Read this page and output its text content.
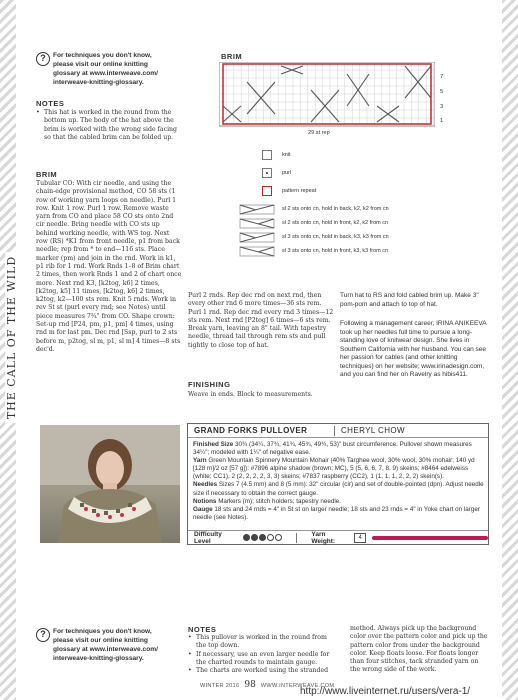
THE CALL OF THE WILD
?	For techniques you don't know,
please visit our online knitting
glossary at www.interweave.com/
interweave-knitting-glossary.
NOTES
• This hat is worked in the round from the bottom up. The body of the hat above the brim is worked with the wrong side facing so that the cabled brim can be folded up.
BRIM
Tubular CO: With cir needle, and using the chain-edge provisional method, CO 58 sts (1 row of working yarn loops on needle). Purl 1 row. Knit 1 row. Purl 1 row. Remove waste yarn from CO and place 58 CO sts onto 2nd cir needle. Bring needle with CO sts up behind working needle, with WS tog. Next row (RS) *K1 from front needle, p1 from back needle; rep from * to end—116 sts. Place marker (pm) and join in the rnd. Work in k1, p1 rib for 1 rnd. Work Rnds 1–8 of Brim chart 2 times, then work Rnds 1 and 2 of chart once more. Next rnd K3, [k2tog, k6] 2 times, [k2tog, k5] 11 times, [k2tog, k6] 2 times, k2tog, k2—100 sts rem. Knit 5 rnds. Work in rev St st (purl every rnd; see Notes) until piece measures 7¾" from CO. Shape crown: Set-up rnd [P24, pm, p1, pm] 4 times, using rnd m for last pm. Dec rnd [Ssp, purl to 2 sts before m, p2tog, sl m, p1, sl m] 4 times—8 sts dec'd.
Purl 2 rnds. Rep dec rnd on next rnd, then every other rnd 6 more times—36 sts rem. Purl 1 rnd. Rep dec rnd every rnd 3 times—12 sts rem. Next rnd [P2tog] 6 times—6 sts rem. Break yarn, leaving an 8" tail. With tapestry needle, thread tail through rem sts and pull tightly to close top of hat.
FINISHING
Weave in ends. Block to measurements.
Turn hat to RS and fold cabled brim up. Make 3" pom-pom and attach to top of hat.
Following a management career, IRINA ANIKEEVA took up her needles full time to pursue a long-standing love of knitwear design. She lives in Southern California with her husband. You can see her passion for cables (and other knitting techniques) on her website; www.irinadesign.com, and you can find her on Ravelry as hibis411.
BRIM
7
5
3
1
29 st rep
knit
purl
pattern repeat
sl 2 sts onto cn, hold in back, k2, k2 from cn
sl 2 sts onto cn, hold in front, k2, k2 from cn
sl 3 sts onto cn, hold in back, k3, k3 from cn
sl 3 sts onto cn, hold in front, k3, k3 from cn
GRAND FORKS PULLOVER	CHERYL CHOW
Finished Size 30¾ (34¼, 37¾, 41¾, 45¾, 49¾, 53)" bust circumference. Pullover shown measures 34¼"; modeled with 1¼" of negative ease.
Yarn Green Mountain Spinnery Mountain Mohair (40% Targhee wool, 30% wool, 30% mohair; 140 yd [128 m]/2 oz [57 g]): #7896 alpine shadow (brown; MC), 5 (5, 6, 6, 7, 8, 9) skeins; #8464 edelweiss (white; CC1), 2 (2, 2, 2, 2, 3, 3) skeins; #7837 raspberry (CC2), 1 (1, 1, 1, 2, 2, 2) skein(s).
Needles Sizes 7 (4.5 mm) and 8 (5 mm): 32" circular (cir) and set of double-pointed (dpn). Adjust needle size if necessary to obtain the correct gauge.
Notions Markers (m); stitch holders; tapestry needle.
Gauge 18 sts and 24 rnds = 4" in St st on larger needle; 18 sts and 23 rnds = 4" in Yoke chart on larger needle (see Notes).
Difficulty Level
Yarn Weight:	4
?	For techniques you don't know,
please visit our online knitting
glossary at www.interweave.com/
interweave-knitting-glossary.
NOTES
• This pullover is worked in the round from the top down.
• If necessary, use an even larger needle for the charted rounds to maintain gauge.
• The charts are worked using the stranded
method. Always pick up the background color over the pattern color and pick up the pattern color from under the background color. Keep floats loose. For floats longer than four stitches, tack stranded yarn on the wrong side of the work.
WINTER 2016 98 WWW.INTERWEAVE.COM
http://www.liveinternet.ru/users/vera-1/
